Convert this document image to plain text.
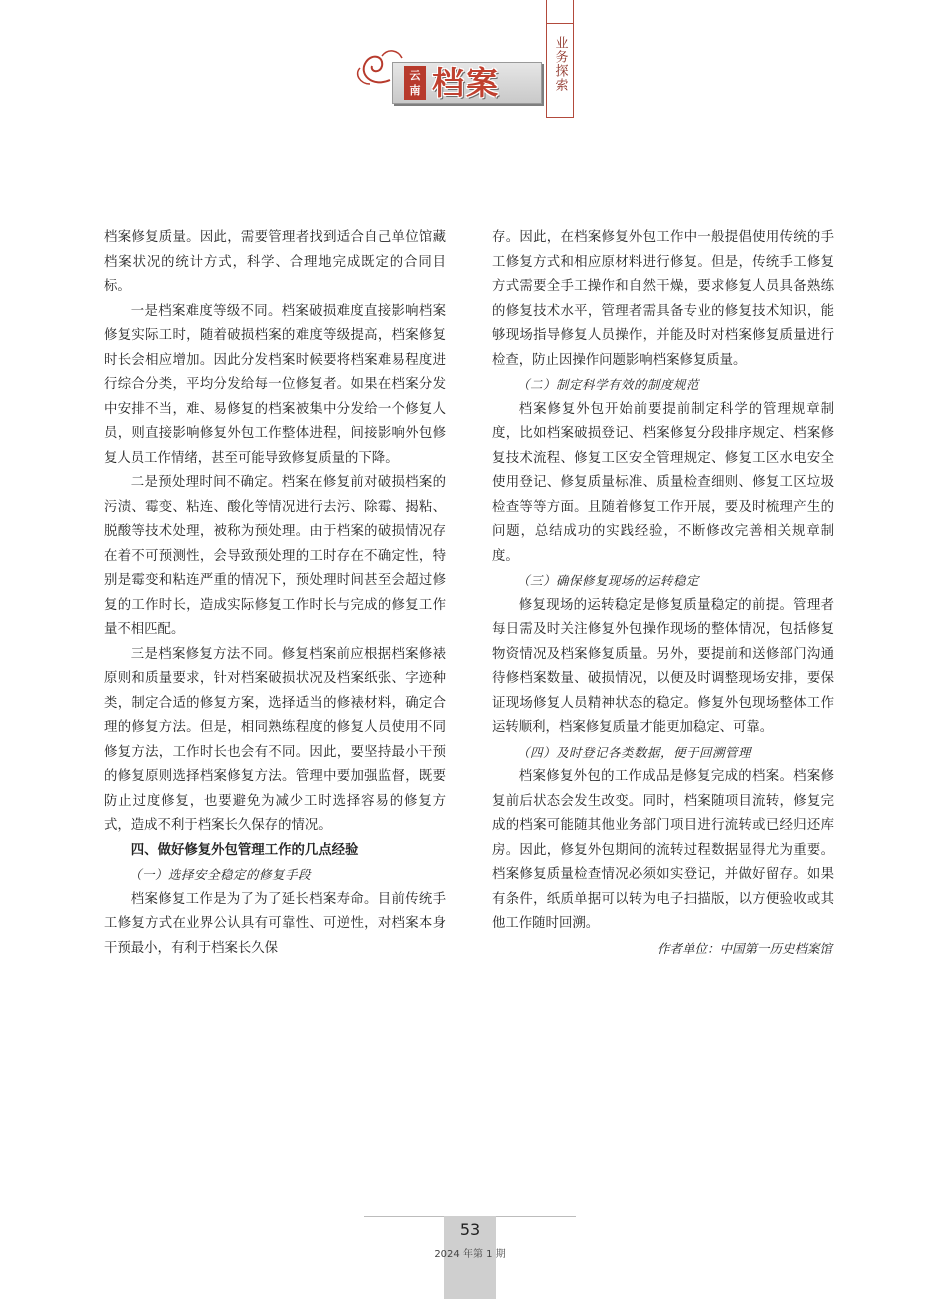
云
南 档案	业务探索

档案修复质量。因此，需要管理者找到适合自己单位馆藏档案状况的统计方式，科学、合理地完成既定的合同目标。

一是档案难度等级不同。档案破损难度直接影响档案修复实际工时，随着破损档案的难度等级提高，档案修复时长会相应增加。因此分发档案时候要将档案难易程度进行综合分类，平均分发给每一位修复者。如果在档案分发中安排不当，难、易修复的档案被集中分发给一个修复人员，则直接影响修复外包工作整体进程，间接影响外包修复人员工作情绪，甚至可能导致修复质量的下降。

二是预处理时间不确定。档案在修复前对破损档案的污渍、霉变、粘连、酸化等情况进行去污、除霉、揭粘、脱酸等技术处理，被称为预处理。由于档案的破损情况存在着不可预测性，会导致预处理的工时存在不确定性，特别是霉变和粘连严重的情况下，预处理时间甚至会超过修复的工作时长，造成实际修复工作时长与完成的修复工作量不相匹配。

三是档案修复方法不同。修复档案前应根据档案修裱原则和质量要求，针对档案破损状况及档案纸张、字迹种类，制定合适的修复方案，选择适当的修裱材料，确定合理的修复方法。但是，相同熟练程度的修复人员使用不同修复方法，工作时长也会有不同。因此，要坚持最小干预的修复原则选择档案修复方法。管理中要加强监督，既要防止过度修复，也要避免为减少工时选择容易的修复方式，造成不利于档案长久保存的情况。

四、做好修复外包管理工作的几点经验

（一）选择安全稳定的修复手段

档案修复工作是为了为了延长档案寿命。目前传统手工修复方式在业界公认具有可靠性、可逆性，对档案本身干预最小，有利于档案长久保

存。因此，在档案修复外包工作中一般提倡使用传统的手工修复方式和相应原材料进行修复。但是，传统手工修复方式需要全手工操作和自然干燥，要求修复人员具备熟练的修复技术水平，管理者需具备专业的修复技术知识，能够现场指导修复人员操作，并能及时对档案修复质量进行检查，防止因操作问题影响档案修复质量。

（二）制定科学有效的制度规范

档案修复外包开始前要提前制定科学的管理规章制度，比如档案破损登记、档案修复分段排序规定、档案修复技术流程、修复工区安全管理规定、修复工区水电安全使用登记、修复质量标准、质量检查细则、修复工区垃圾检查等等方面。且随着修复工作开展，要及时梳理产生的问题，总结成功的实践经验，不断修改完善相关规章制度。

（三）确保修复现场的运转稳定

修复现场的运转稳定是修复质量稳定的前提。管理者每日需及时关注修复外包操作现场的整体情况，包括修复物资情况及档案修复质量。另外，要提前和送修部门沟通待修档案数量、破损情况，以便及时调整现场安排，要保证现场修复人员精神状态的稳定。修复外包现场整体工作运转顺利，档案修复质量才能更加稳定、可靠。

（四）及时登记各类数据，便于回溯管理

档案修复外包的工作成品是修复完成的档案。档案修复前后状态会发生改变。同时，档案随项目流转，修复完成的档案可能随其他业务部门项目进行流转或已经归还库房。因此，修复外包期间的流转过程数据显得尤为重要。档案修复质量检查情况必须如实登记，并做好留存。如果有条件，纸质单据可以转为电子扫描版，以方便验收或其他工作随时回溯。

作者单位：中国第一历史档案馆

53
2024 年第 1 期
